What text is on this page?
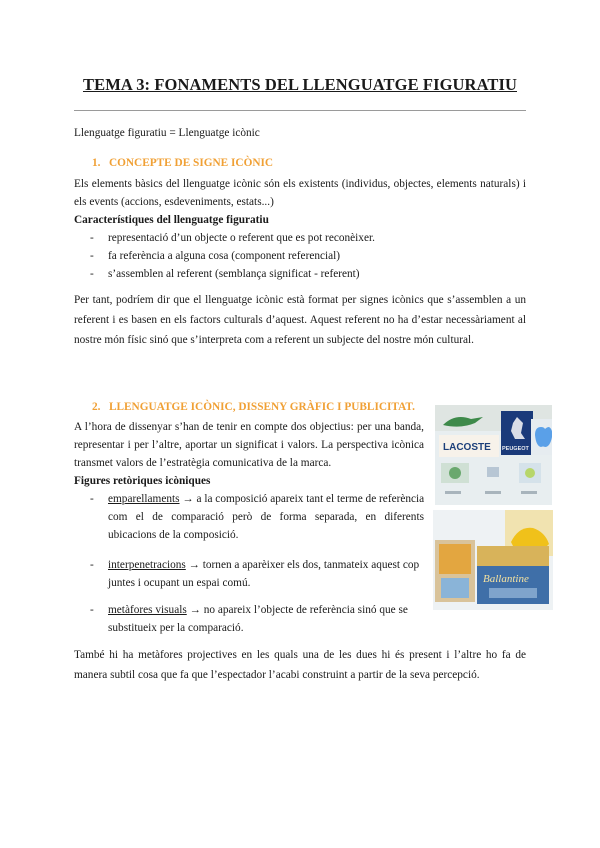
TEMA 3: FONAMENTS DEL LLENGUATGE FIGURATIU
Llenguatge figuratiu = Llenguatge icònic
1.   CONCEPTE DE SIGNE ICÒNIC
Els elements bàsics del llenguatge icònic són els existents (individus, objectes, elements naturals) i els events (accions, esdeveniments, estats...)
Característiques del llenguatge figuratiu
- representació d’un objecte o referent que es pot reconèixer.
- fa referència a alguna cosa (component referencial)
- s’assemblen al referent (semblança significat - referent)
Per tant, podríem dir que el llenguatge icònic està format per signes icònics que s’assemblen a un referent i es basen en els factors culturals d’aquest. Aquest referent no ha d’estar necessàriament al nostre món físic sinó que s’interpreta com a referent un subjecte del nostre món cultural.
2.   LLENGUATGE ICÒNIC, DISSENY GRÀFIC I PUBLICITAT.
A l’hora de dissenyar s’han de tenir en compte dos objectius: per una banda, representar i per l’altre, aportar un significat i valors. La perspectiva icònica transmet valors de l’estratègia comunicativa de la marca.
Figures retòriques icòniques
- emparellaments → a la composició apareix tant el terme de referència
com el de comparació però de forma separada, en diferents ubicacions de la composició.
- interpenetracions → tornen a aparèixer els dos, tanmateix aquest cop
juntes i ocupant un espai comú.
- metàfores visuals → no apareix l’objecte de referència sinó que se
substitueix per la comparació.
També hi ha metàfores projectives en les quals una de les dues hi és present i l’altre ho fa de manera subtil cosa que fa que l’espectador l’acabi construint a partir de la seva percepció.
LACOSTE PEUGEOT
Ballantine
